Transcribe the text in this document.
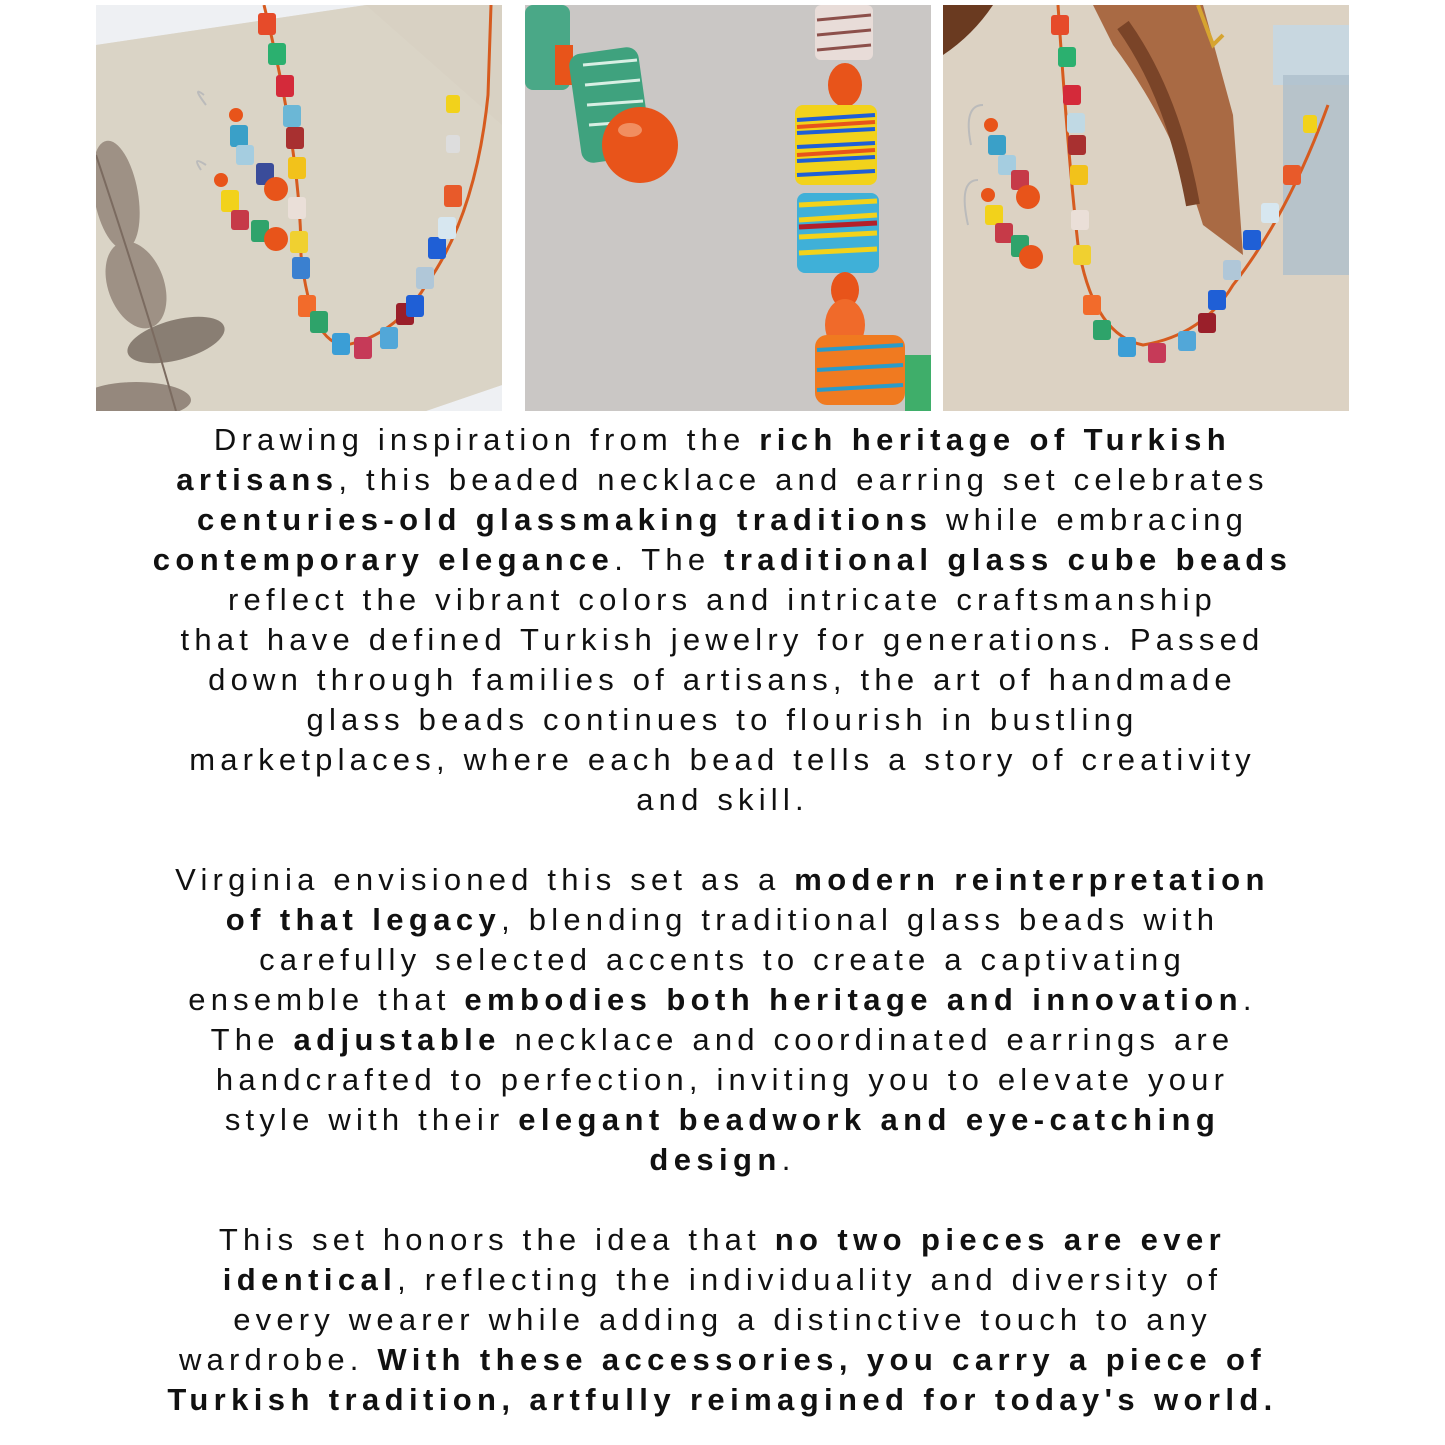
Drawing inspiration from the rich heritage of Turkish
artisans, this beaded necklace and earring set celebrates
centuries-old glassmaking traditions while embracing
contemporary elegance. The traditional glass cube beads
reflect the vibrant colors and intricate craftsmanship
that have defined Turkish jewelry for generations. Passed
down through families of artisans, the art of handmade
glass beads continues to flourish in bustling
marketplaces, where each bead tells a story of creativity
and skill.

Virginia envisioned this set as a modern reinterpretation
of that legacy, blending traditional glass beads with
carefully selected accents to create a captivating
ensemble that embodies both heritage and innovation.
The adjustable necklace and coordinated earrings are
handcrafted to perfection, inviting you to elevate your
style with their elegant beadwork and eye-catching
design.

This set honors the idea that no two pieces are ever
identical, reflecting the individuality and diversity of
every wearer while adding a distinctive touch to any
wardrobe. With these accessories, you carry a piece of
Turkish tradition, artfully reimagined for today's world.
